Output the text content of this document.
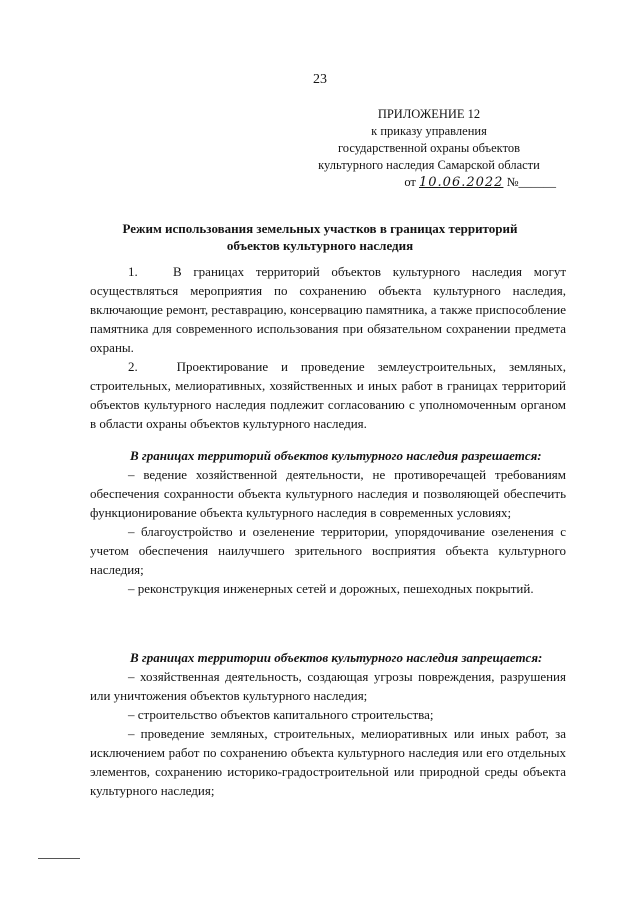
23
ПРИЛОЖЕНИЕ 12
к приказу управления
государственной охраны объектов
культурного наследия Самарской области
от 10.06.2022 №______
Режим использования земельных участков в границах территорий
объектов культурного наследия

1.   В границах территорий объектов культурного наследия могут осуществляться мероприятия по сохранению объекта культурного наследия, включающие ремонт, реставрацию, консервацию памятника, а также приспособление памятника для современного использования при обязательном сохранении предмета охраны.

2.   Проектирование и проведение землеустроительных, земляных, строительных, мелиоративных, хозяйственных и иных работ в границах территорий объектов культурного наследия подлежит согласованию с уполномоченным органом в области охраны объектов культурного наследия.

В границах территорий объектов культурного наследия разрешается:

– ведение хозяйственной деятельности, не противоречащей требованиям обеспечения сохранности объекта культурного наследия и позволяющей обеспечить функционирование объекта культурного наследия в современных условиях;

– благоустройство и озеленение территории, упорядочивание озеленения с учетом обеспечения наилучшего зрительного восприятия объекта культурного наследия;

– реконструкция инженерных сетей и дорожных, пешеходных покрытий.

В границах территории объектов культурного наследия запрещается:

– хозяйственная деятельность, создающая угрозы повреждения, разрушения или уничтожения объектов культурного наследия;

– строительство объектов капитального строительства;

– проведение земляных, строительных, мелиоративных или иных работ, за исключением работ по сохранению объекта культурного наследия или его отдельных элементов, сохранению историко-градостроительной или природной среды объекта культурного наследия;
